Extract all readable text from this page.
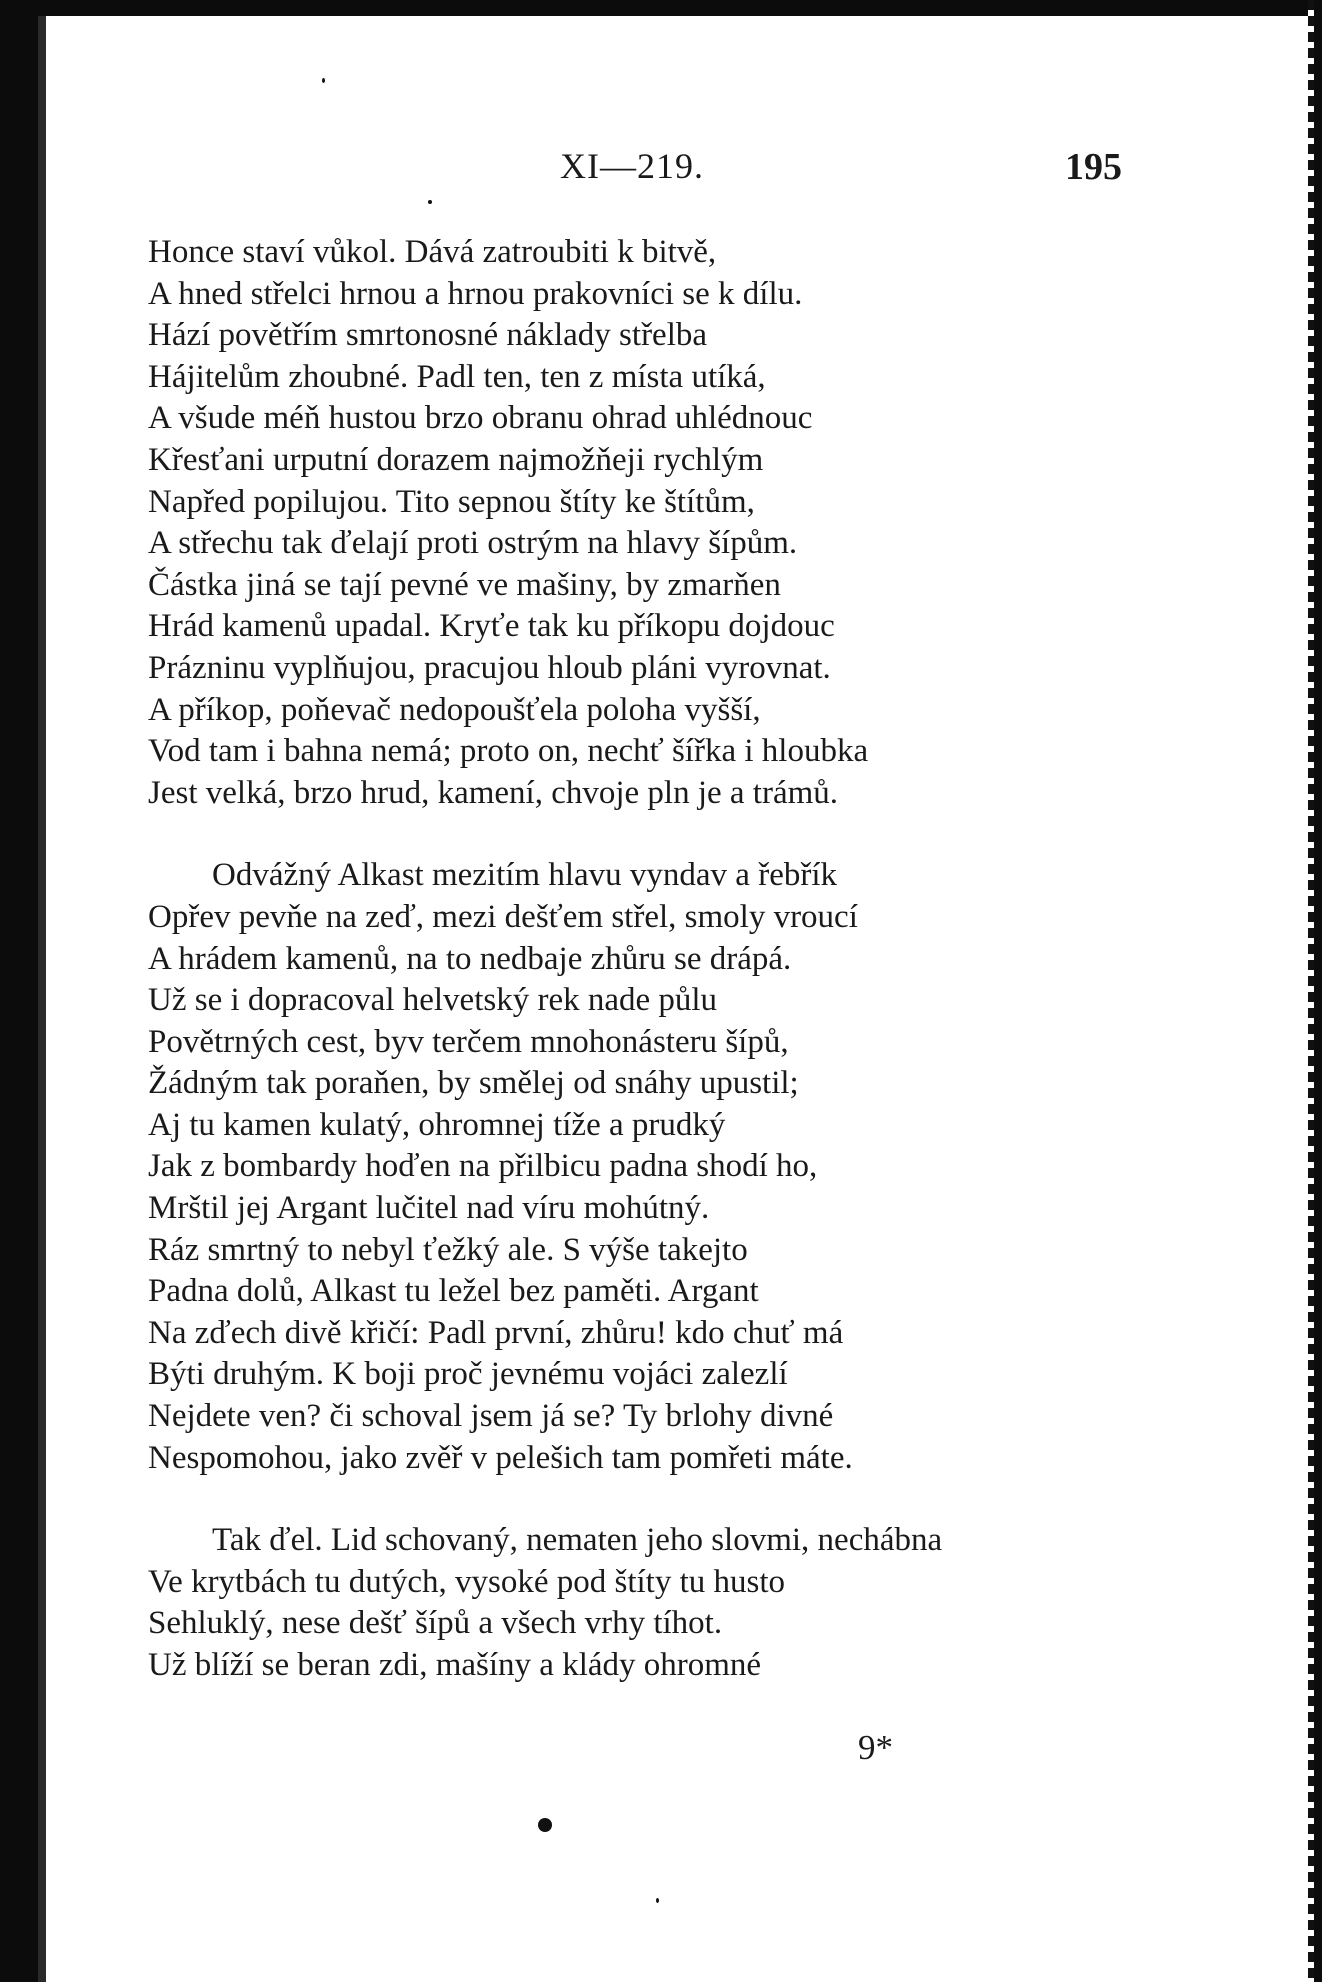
XI—219.	195
Honce staví vůkol. Dává zatroubiti k bitvě,
A hned střelci hrnou a hrnou prakovníci se k dílu.
Hází povětřím smrtonosné náklady střelba
Hájitelům zhoubné. Padl ten, ten z místa utíká,
A všude méň hustou brzo obranu ohrad uhlédnouc
Křesťani urputní dorazem najmožňeji rychlým
Napřed popilujou. Tito sepnou štíty ke štítům,
A střechu tak ďelají proti ostrým na hlavy šípům.
Částka jiná se tají pevné ve mašiny, by zmarňen
Hrád kamenů upadal. Kryťe tak ku příkopu dojdouc
Prázninu vyplňujou, pracujou hloub pláni vyrovnat.
A příkop, poňevač nedopoušťela poloha vyšší,
Vod tam i bahna nemá; proto on, nechť šířka i hloubka
Jest velká, brzo hrud, kamení, chvoje pln je a trámů.
Odvážný Alkast mezitím hlavu vyndav a řebřík
Opřev pevňe na zeď, mezi dešťem střel, smoly vroucí
A hrádem kamenů, na to nedbaje zhůru se drápá.
Už se i dopracoval helvetský rek nade půlu
Povětrných cest, byv terčem mnohonásteru šípů,
Žádným tak poraňen, by smělej od snáhy upustil;
Aj tu kamen kulatý, ohromnej tíže a prudký
Jak z bombardy hoďen na přilbicu padna shodí ho,
Mrštil jej Argant lučitel nad víru mohútný.
Ráz smrtný to nebyl ťežký ale. S výše takejto
Padna dolů, Alkast tu ležel bez paměti. Argant
Na zďech divě křičí: Padl první, zhůru! kdo chuť má
Býti druhým. K boji proč jevnému vojáci zalezlí
Nejdete ven? či schoval jsem já se? Ty brlohy divné
Nespomohou, jako zvěř v pelešich tam pomřeti máte.
Tak ďel. Lid schovaný, nematen jeho slovmi, nechábna
Ve krytbách tu dutých, vysoké pod štíty tu husto
Sehluklý, nese dešť šípů a všech vrhy tíhot.
Už blíží se beran zdi, mašíny a klády ohromné
9*
